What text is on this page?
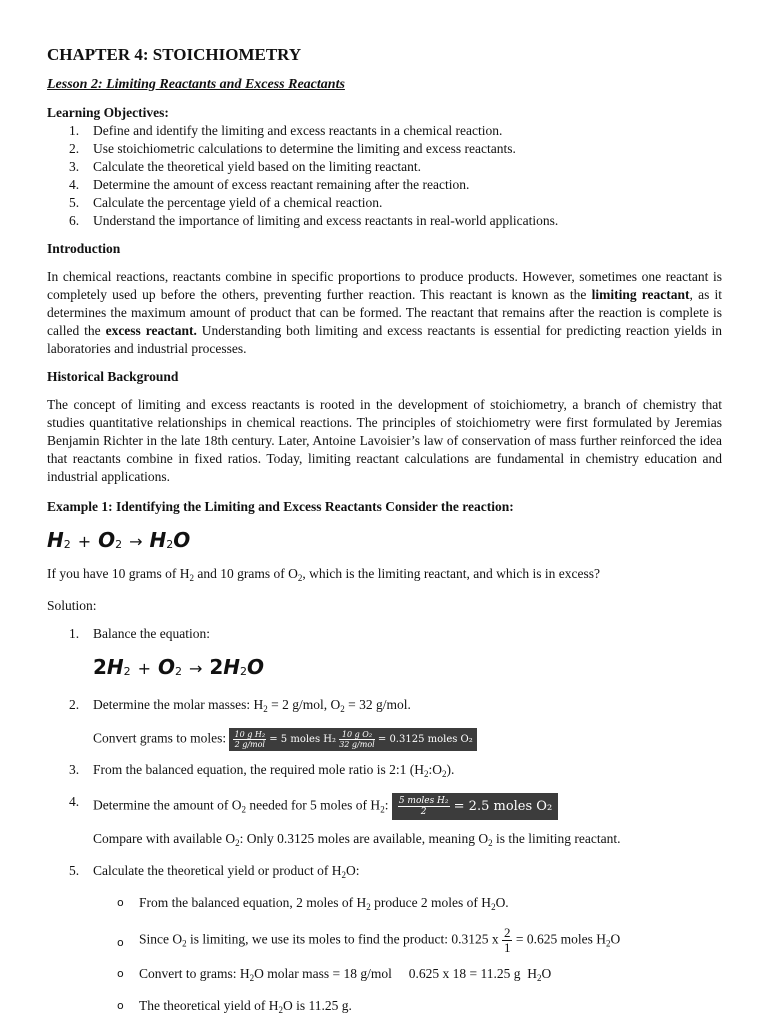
CHAPTER 4: STOICHIOMETRY
Lesson 2: Limiting Reactants and Excess Reactants
Learning Objectives:
1. Define and identify the limiting and excess reactants in a chemical reaction.
2. Use stoichiometric calculations to determine the limiting and excess reactants.
3. Calculate the theoretical yield based on the limiting reactant.
4. Determine the amount of excess reactant remaining after the reaction.
5. Calculate the percentage yield of a chemical reaction.
6. Understand the importance of limiting and excess reactants in real-world applications.
Introduction

In chemical reactions, reactants combine in specific proportions to produce products. However, sometimes one reactant is completely used up before the others, preventing further reaction. This reactant is known as the limiting reactant, as it determines the maximum amount of product that can be formed. The reactant that remains after the reaction is complete is called the excess reactant. Understanding both limiting and excess reactants is essential for predicting reaction yields in laboratories and industrial processes.

Historical Background

The concept of limiting and excess reactants is rooted in the development of stoichiometry, a branch of chemistry that studies quantitative relationships in chemical reactions. The principles of stoichiometry were first formulated by Jeremias Benjamin Richter in the late 18th century. Later, Antoine Lavoisier’s law of conservation of mass further reinforced the idea that reactants combine in fixed ratios. Today, limiting reactant calculations are fundamental in chemistry education and industrial applications.

Example 1: Identifying the Limiting and Excess Reactants Consider the reaction:
$H_2 + O_2 \to H_2O$

If you have 10 grams of $H_2$ and 10 grams of $O_2$, which is the limiting reactant, and which is in excess?

Solution:

1. Balance the equation:
$2H_2 + O_2 \to 2H_2O$
2. Determine the molar masses: $H_2 = 2$ g/mol, $O_2 = 32$ g/mol.
Convert grams to moles: $\frac{\text{10 g H₂}}{\text{2 g/mol}} = 5$ moles $H_2 \frac{\text{10 g O₂}}{\text{32 g/mol}} = 0.3125$ moles O₂
3. From the balanced equation, the required mole ratio is 2:1 $(H_2:O_2)$.
4. Determine the amount of $O_2$ needed for 5 moles of $H_2$: $\frac{\text{5 moles H₂}}{2} = 2.5$ moles O₂
Compare with available $O_2$: Only 0.3125 moles are available, meaning $O_2$ is the limiting reactant.
5. Calculate the theoretical yield or product of $H_2O$:
o From the balanced equation, 2 moles of $H_2$ produce 2 moles of $H_2O$.
o Since $O_2$ is limiting, we use its moles to find the product: 0.3125 x $\frac{2}{1} = 0.625$ moles $H_2O$
o Convert to grams: $H_2O$ molar mass = 18 g/mol     0.625 x 18 = 11.25 g  $H_2O$
o The theoretical yield of $H_2O$ is 11.25 g.
